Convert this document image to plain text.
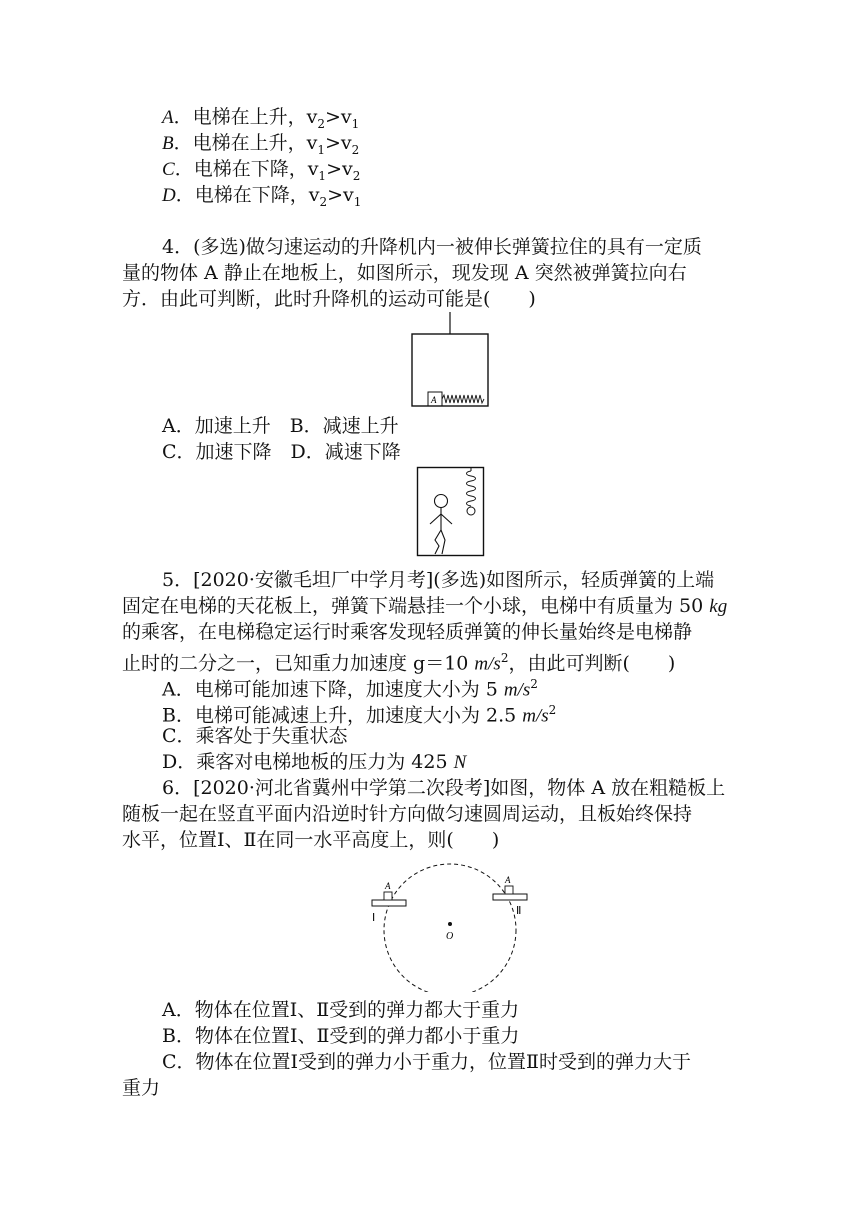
A．电梯在上升，$v_2>v_1$
B．电梯在上升，$v_1>v_2$
C．电梯在下降，$v_1>v_2$
D．电梯在下降，$v_2>v_1$
4．(多选)做匀速运动的升降机内一被伸长弹簧拉住的具有一定质
量的物体 A 静止在地板上，如图所示，现发现 A 突然被弹簧拉向右
方．由此可判断，此时升降机的运动可能是(　　)
A
A．加速上升　B．减速上升
C．加速下降　D．减速下降
5．[2020·安徽毛坦厂中学月考](多选)如图所示，轻质弹簧的上端
固定在电梯的天花板上，弹簧下端悬挂一个小球，电梯中有质量为 50 kg
的乘客，在电梯稳定运行时乘客发现轻质弹簧的伸长量始终是电梯静
止时的二分之一，已知重力加速度 g＝10 $m/s^2$，由此可判断(　　)
A．电梯可能加速下降，加速度大小为 5 $m/s^2$
B．电梯可能减速上升，加速度大小为 2.5 $m/s^2$
C．乘客处于失重状态
D．乘客对电梯地板的压力为 425 N
6．[2020·河北省冀州中学第二次段考]如图，物体 A 放在粗糙板上
随板一起在竖直平面内沿逆时针方向做匀速圆周运动，且板始终保持
水平，位置Ⅰ、Ⅱ在同一水平高度上，则(　　)
A
Ⅰ
A
Ⅱ
O
A．物体在位置Ⅰ、Ⅱ受到的弹力都大于重力
B．物体在位置Ⅰ、Ⅱ受到的弹力都小于重力
C．物体在位置Ⅰ受到的弹力小于重力，位置Ⅱ时受到的弹力大于
重力
